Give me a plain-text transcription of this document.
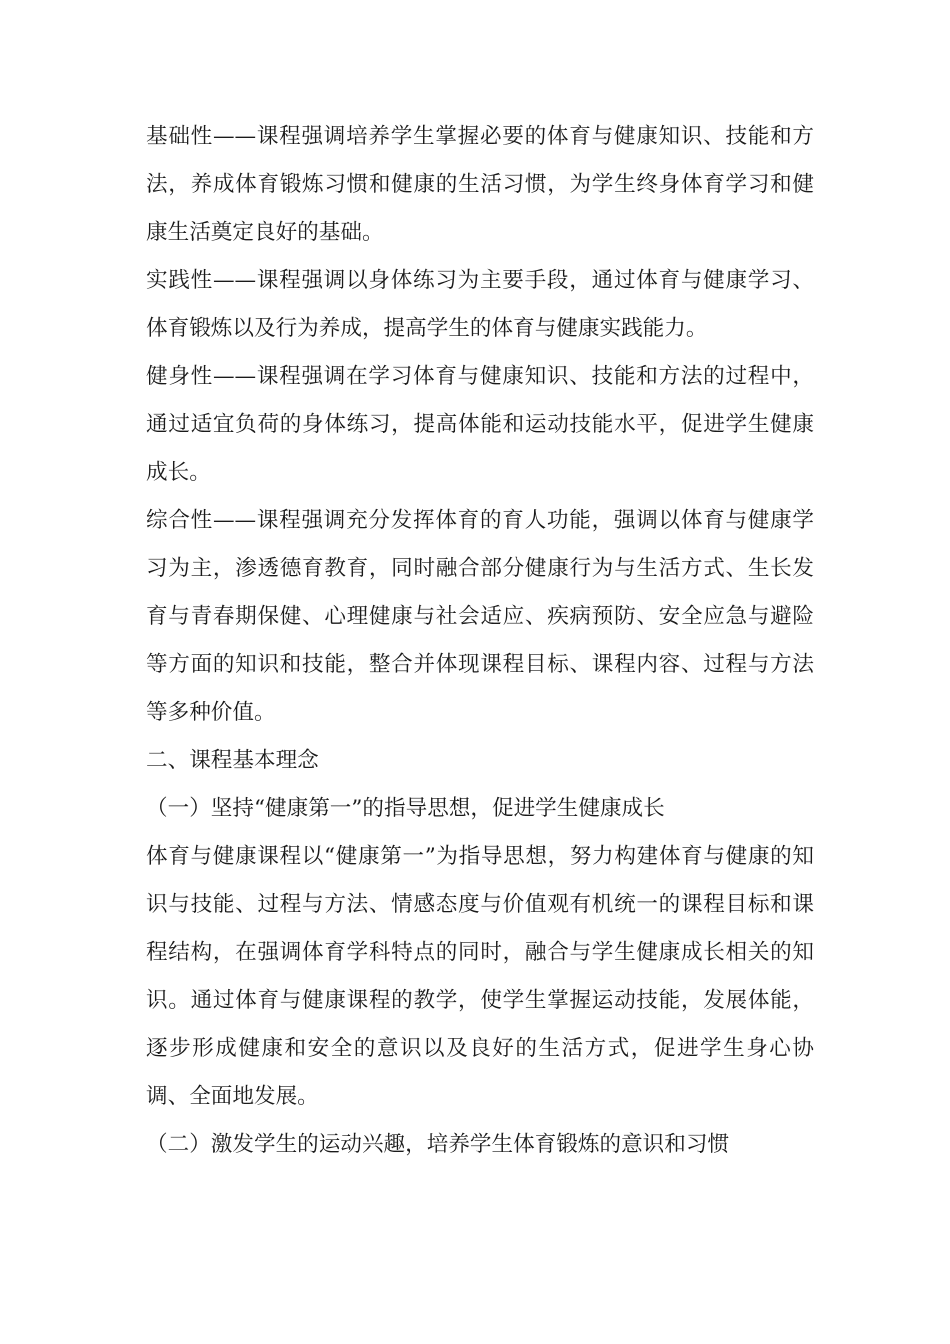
基础性——课程强调培养学生掌握必要的体育与健康知识、技能和方法，养成体育锻炼习惯和健康的生活习惯，为学生终身体育学习和健康生活奠定良好的基础。

实践性——课程强调以身体练习为主要手段，通过体育与健康学习、体育锻炼以及行为养成，提高学生的体育与健康实践能力。

健身性——课程强调在学习体育与健康知识、技能和方法的过程中，通过适宜负荷的身体练习，提高体能和运动技能水平，促进学生健康成长。

综合性——课程强调充分发挥体育的育人功能，强调以体育与健康学习为主，渗透德育教育，同时融合部分健康行为与生活方式、生长发育与青春期保健、心理健康与社会适应、疾病预防、安全应急与避险等方面的知识和技能，整合并体现课程目标、课程内容、过程与方法等多种价值。

二、课程基本理念

（一）坚持“健康第一”的指导思想，促进学生健康成长

体育与健康课程以“健康第一”为指导思想，努力构建体育与健康的知识与技能、过程与方法、情感态度与价值观有机统一的课程目标和课程结构，在强调体育学科特点的同时，融合与学生健康成长相关的知识。通过体育与健康课程的教学，使学生掌握运动技能，发展体能，逐步形成健康和安全的意识以及良好的生活方式，促进学生身心协调、全面地发展。

（二）激发学生的运动兴趣，培养学生体育锻炼的意识和习惯
